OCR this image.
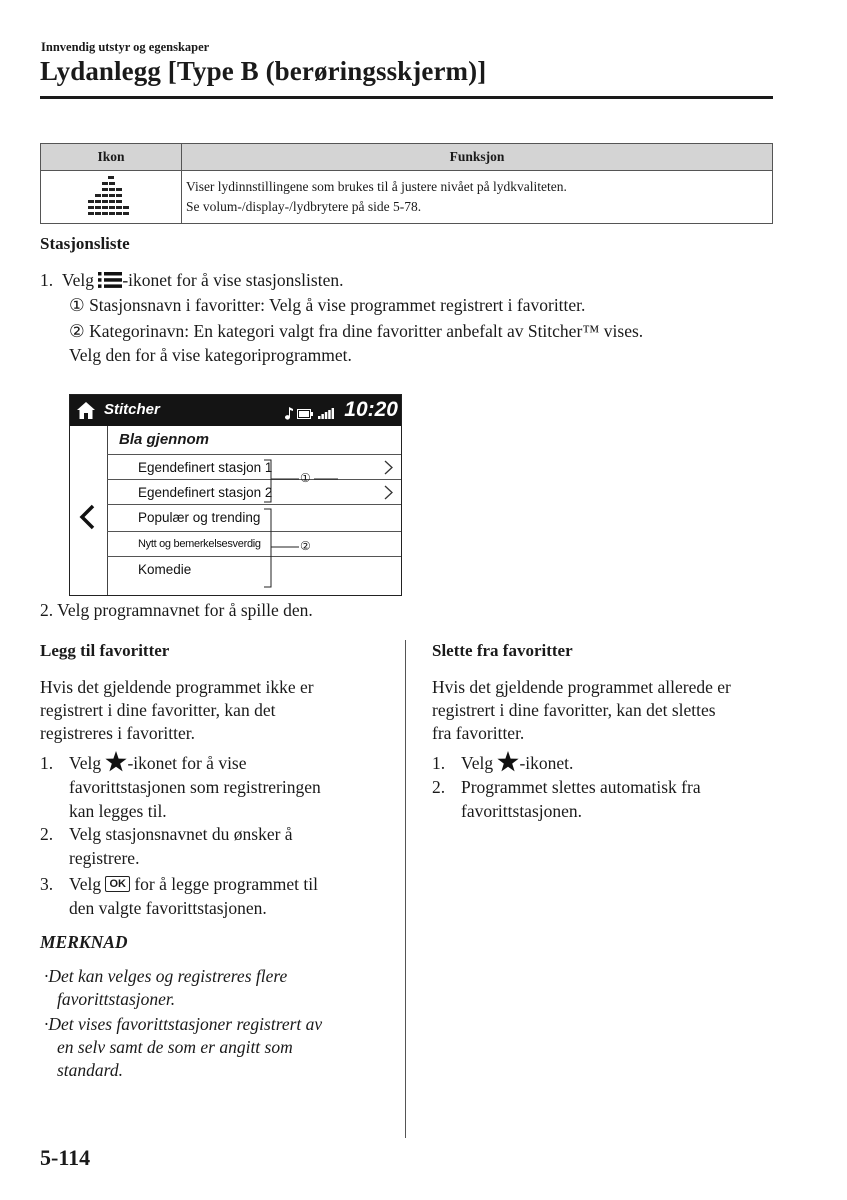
Innvendig utstyr og egenskaper
Lydanlegg [Type B (berøringsskjerm)]
Ikon	Funksjon

Viser lydinnstillingene som brukes til å justere nivået på lydkvaliteten.
Se volum-/display-/lydbrytere på side 5-78.
Stasjonsliste
1. Velg -ikonet for å vise stasjonslisten.
① Stasjonsnavn i favoritter: Velg å vise programmet registrert i favoritter.
② Kategorinavn: En kategori valgt fra dine favoritter anbefalt av Stitcher™ vises.
Velg den for å vise kategoriprogrammet.
Stitcher	10:20
Bla gjennom
Egendefinert stasjon 1
Egendefinert stasjon 2
Populær og trending
Nytt og bemerkelsesverdig
Komedie
①
②
2. Velg programnavnet for å spille den.
Legg til favoritter
Hvis det gjeldende programmet ikke er
registrert i dine favoritter, kan det
registreres i favoritter.
1. Velg -ikonet for å vise
favorittstasjonen som registreringen
kan legges til.
2. Velg stasjonsnavnet du ønsker å
registrere.
3. Velg OK for å legge programmet til
den valgte favorittstasjonen.
MERKNAD
·Det kan velges og registreres flere
favorittstasjoner.
·Det vises favorittstasjoner registrert av
en selv samt de som er angitt som
standard.
Slette fra favoritter
Hvis det gjeldende programmet allerede er
registrert i dine favoritter, kan det slettes
fra favoritter.
1. Velg -ikonet.
2. Programmet slettes automatisk fra
favorittstasjonen.
5-114
